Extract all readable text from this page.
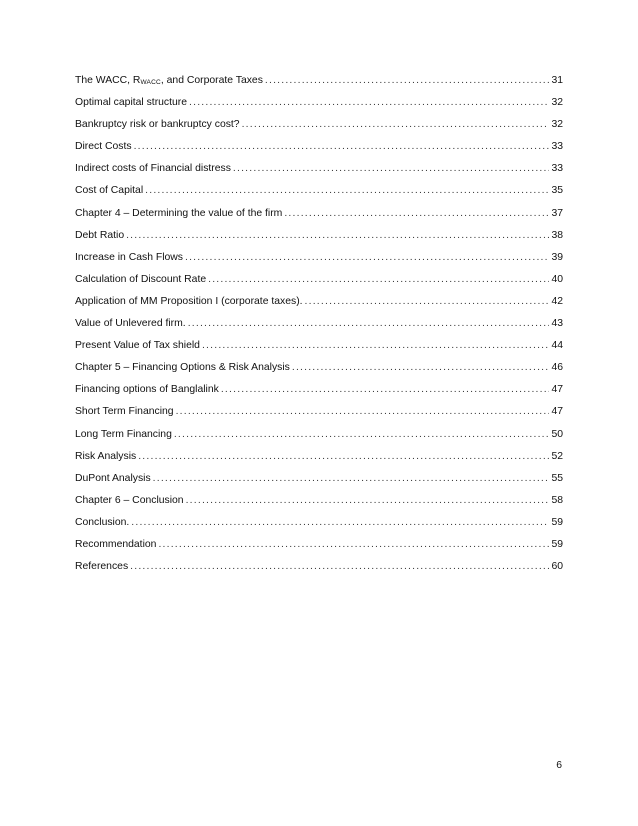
The WACC, $R_{WACC}$, and Corporate Taxes .....	31
Optimal capital structure .....	32
Bankruptcy risk or bankruptcy cost? .....	32
Direct Costs .....	33
Indirect costs of Financial distress .....	33
Cost of Capital .....	35
Chapter 4 – Determining the value of the firm .....	37
Debt Ratio .....	38
Increase in Cash Flows .....	39
Calculation of Discount Rate .....	40
Application of MM Proposition I (corporate taxes). .....	42
Value of Unlevered firm. .....	43
Present Value of Tax shield .....	44
Chapter 5 – Financing Options & Risk Analysis .....	46
Financing options of Banglalink .....	47
Short Term Financing .....	47
Long Term Financing .....	50
Risk Analysis .....	52
DuPont Analysis .....	55
Chapter 6 – Conclusion .....	58
Conclusion. .....	59
Recommendation .....	59
References .....	60
6
